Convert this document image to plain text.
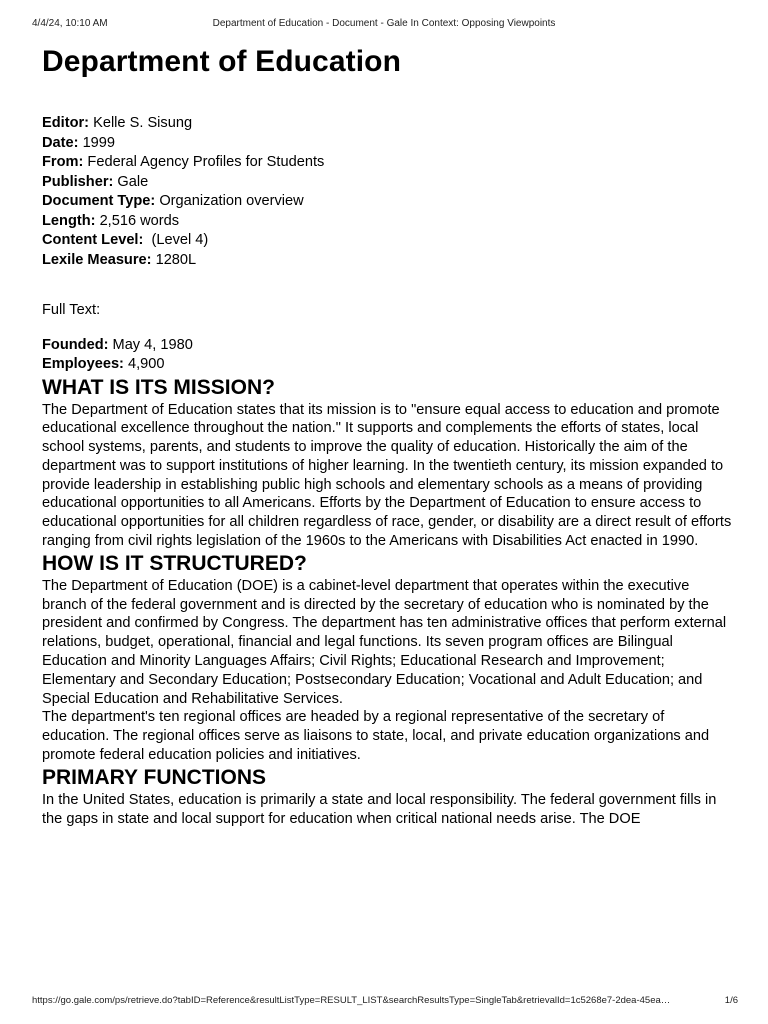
4/4/24, 10:10 AM	Department of Education - Document - Gale In Context: Opposing Viewpoints
Department of Education
Editor: Kelle S. Sisung
Date: 1999
From: Federal Agency Profiles for Students
Publisher: Gale
Document Type: Organization overview
Length: 2,516 words
Content Level:  (Level 4)
Lexile Measure: 1280L
Full Text:
Founded: May 4, 1980
Employees: 4,900
WHAT IS ITS MISSION?

The Department of Education states that its mission is to "ensure equal access to education and promote educational excellence throughout the nation." It supports and complements the efforts of states, local school systems, parents, and students to improve the quality of education. Historically the aim of the department was to support institutions of higher learning. In the twentieth century, its mission expanded to provide leadership in establishing public high schools and elementary schools as a means of providing educational opportunities to all Americans. Efforts by the Department of Education to ensure access to educational opportunities for all children regardless of race, gender, or disability are a direct result of efforts ranging from civil rights legislation of the 1960s to the Americans with Disabilities Act enacted in 1990.

HOW IS IT STRUCTURED?

The Department of Education (DOE) is a cabinet-level department that operates within the executive branch of the federal government and is directed by the secretary of education who is nominated by the president and confirmed by Congress. The department has ten administrative offices that perform external relations, budget, operational, financial and legal functions. Its seven program offices are Bilingual Education and Minority Languages Affairs; Civil Rights; Educational Research and Improvement; Elementary and Secondary Education; Postsecondary Education; Vocational and Adult Education; and Special Education and Rehabilitative Services.

The department's ten regional offices are headed by a regional representative of the secretary of education. The regional offices serve as liaisons to state, local, and private education organizations and promote federal education policies and initiatives.

PRIMARY FUNCTIONS

In the United States, education is primarily a state and local responsibility. The federal government fills in the gaps in state and local support for education when critical national needs arise. The DOE

https://go.gale.com/ps/retrieve.do?tabID=Reference&resultListType=RESULT_LIST&searchResultsType=SingleTab&retrievalId=1c5268e7-2dea-45ea…	1/6
